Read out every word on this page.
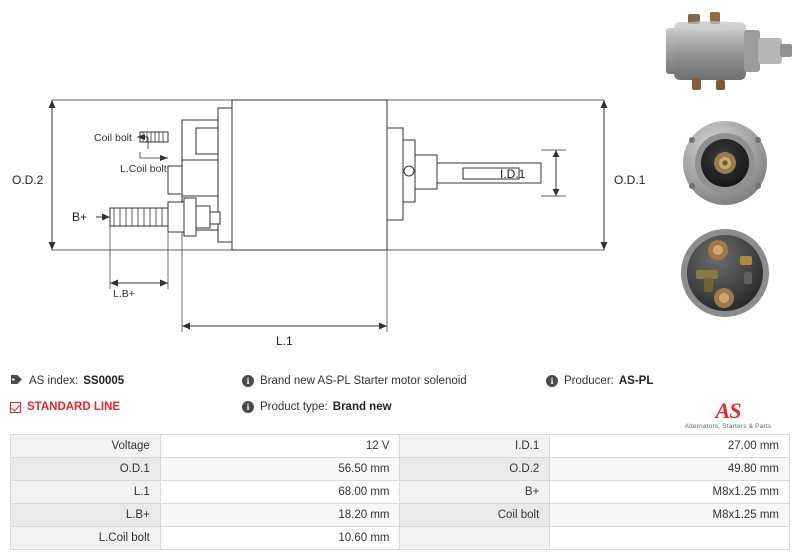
O.D.2	O.D.1
I.D.1
L.1
L.B+
B+
Coil bolt
L.Coil bolt
AS index: SS0005	i Brand new AS-PL Starter motor solenoid	i Producer: AS-PL
STANDARD LINE	i Product type: Brand new	AS
Alternators, Starters & Parts
Voltage	12 V	I.D.1	27.00 mm
O.D.1	56.50 mm	O.D.2	49.80 mm
L.1	68.00 mm	B+	M8x1.25 mm
L.B+	18.20 mm	Coil bolt	M8x1.25 mm
L.Coil bolt	10.60 mm		
